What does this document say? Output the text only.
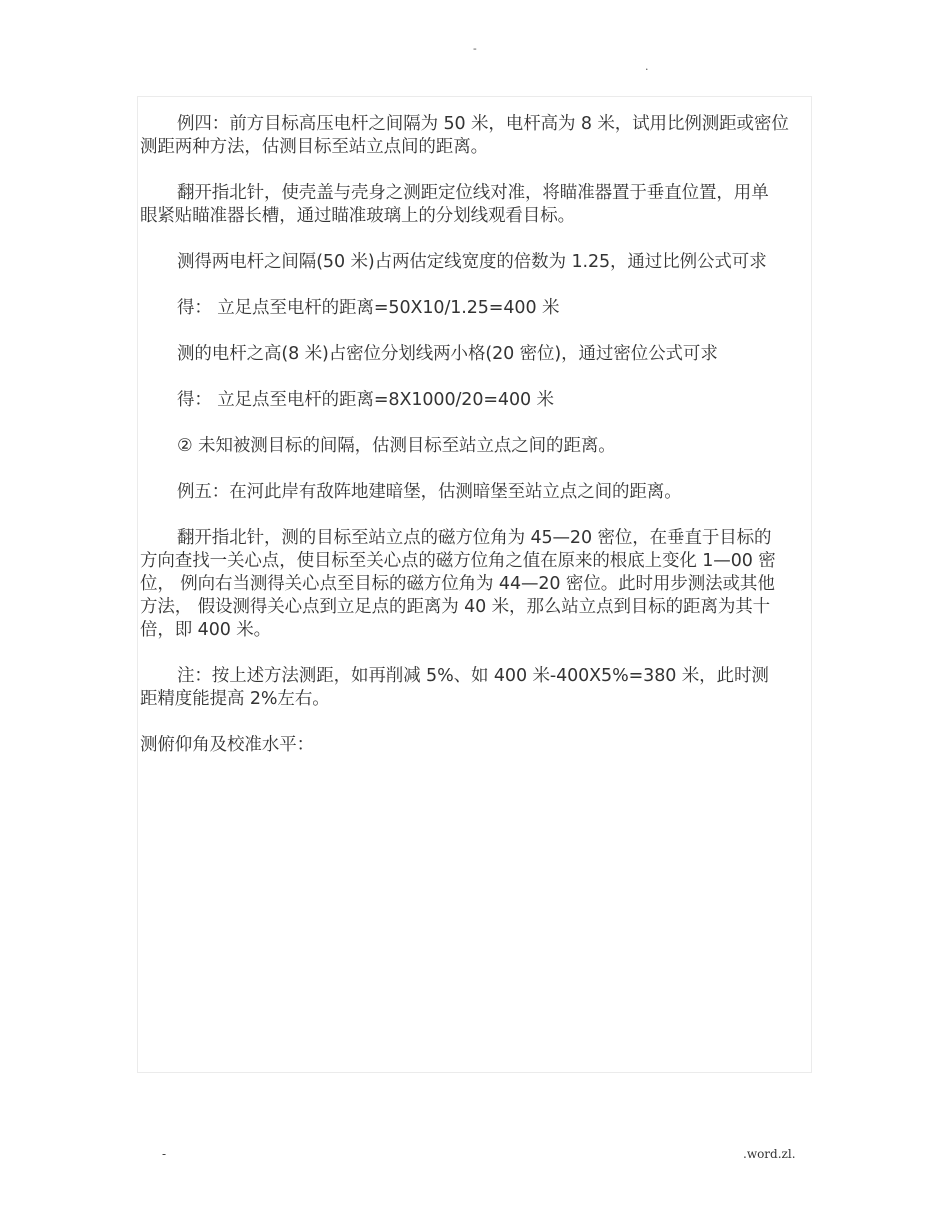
-
.
例四：前方目标高压电杆之间隔为 50 米，电杆高为 8 米，试用比例测距或密位
测距两种方法，估测目标至站立点间的距离。
翻开指北针，使壳盖与壳身之测距定位线对准，将瞄准器置于垂直位置，用单
眼紧贴瞄准器长槽，通过瞄准玻璃上的分划线观看目标。
测得两电杆之间隔(50 米)占两估定线宽度的倍数为 1.25，通过比例公式可求
得： 立足点至电杆的距离=50X10/1.25=400 米
测的电杆之高(8 米)占密位分划线两小格(20 密位)，通过密位公式可求
得： 立足点至电杆的距离=8X1000/20=400 米
② 未知被测目标的间隔，估测目标至站立点之间的距离。
例五：在河此岸有敌阵地建暗堡，估测暗堡至站立点之间的距离。
翻开指北针，测的目标至站立点的磁方位角为 45—20 密位，在垂直于目标的
方向查找一关心点，使目标至关心点的磁方位角之值在原来的根底上变化 1—00 密
位， 例向右当测得关心点至目标的磁方位角为 44—20 密位。此时用步测法或其他
方法， 假设测得关心点到立足点的距离为 40 米，那么站立点到目标的距离为其十
倍，即 400 米。
注：按上述方法测距，如再削减 5%、如 400 米-400X5%=380 米，此时测
距精度能提高 2%左右。
测俯仰角及校准水平：
-	.word.zl.
